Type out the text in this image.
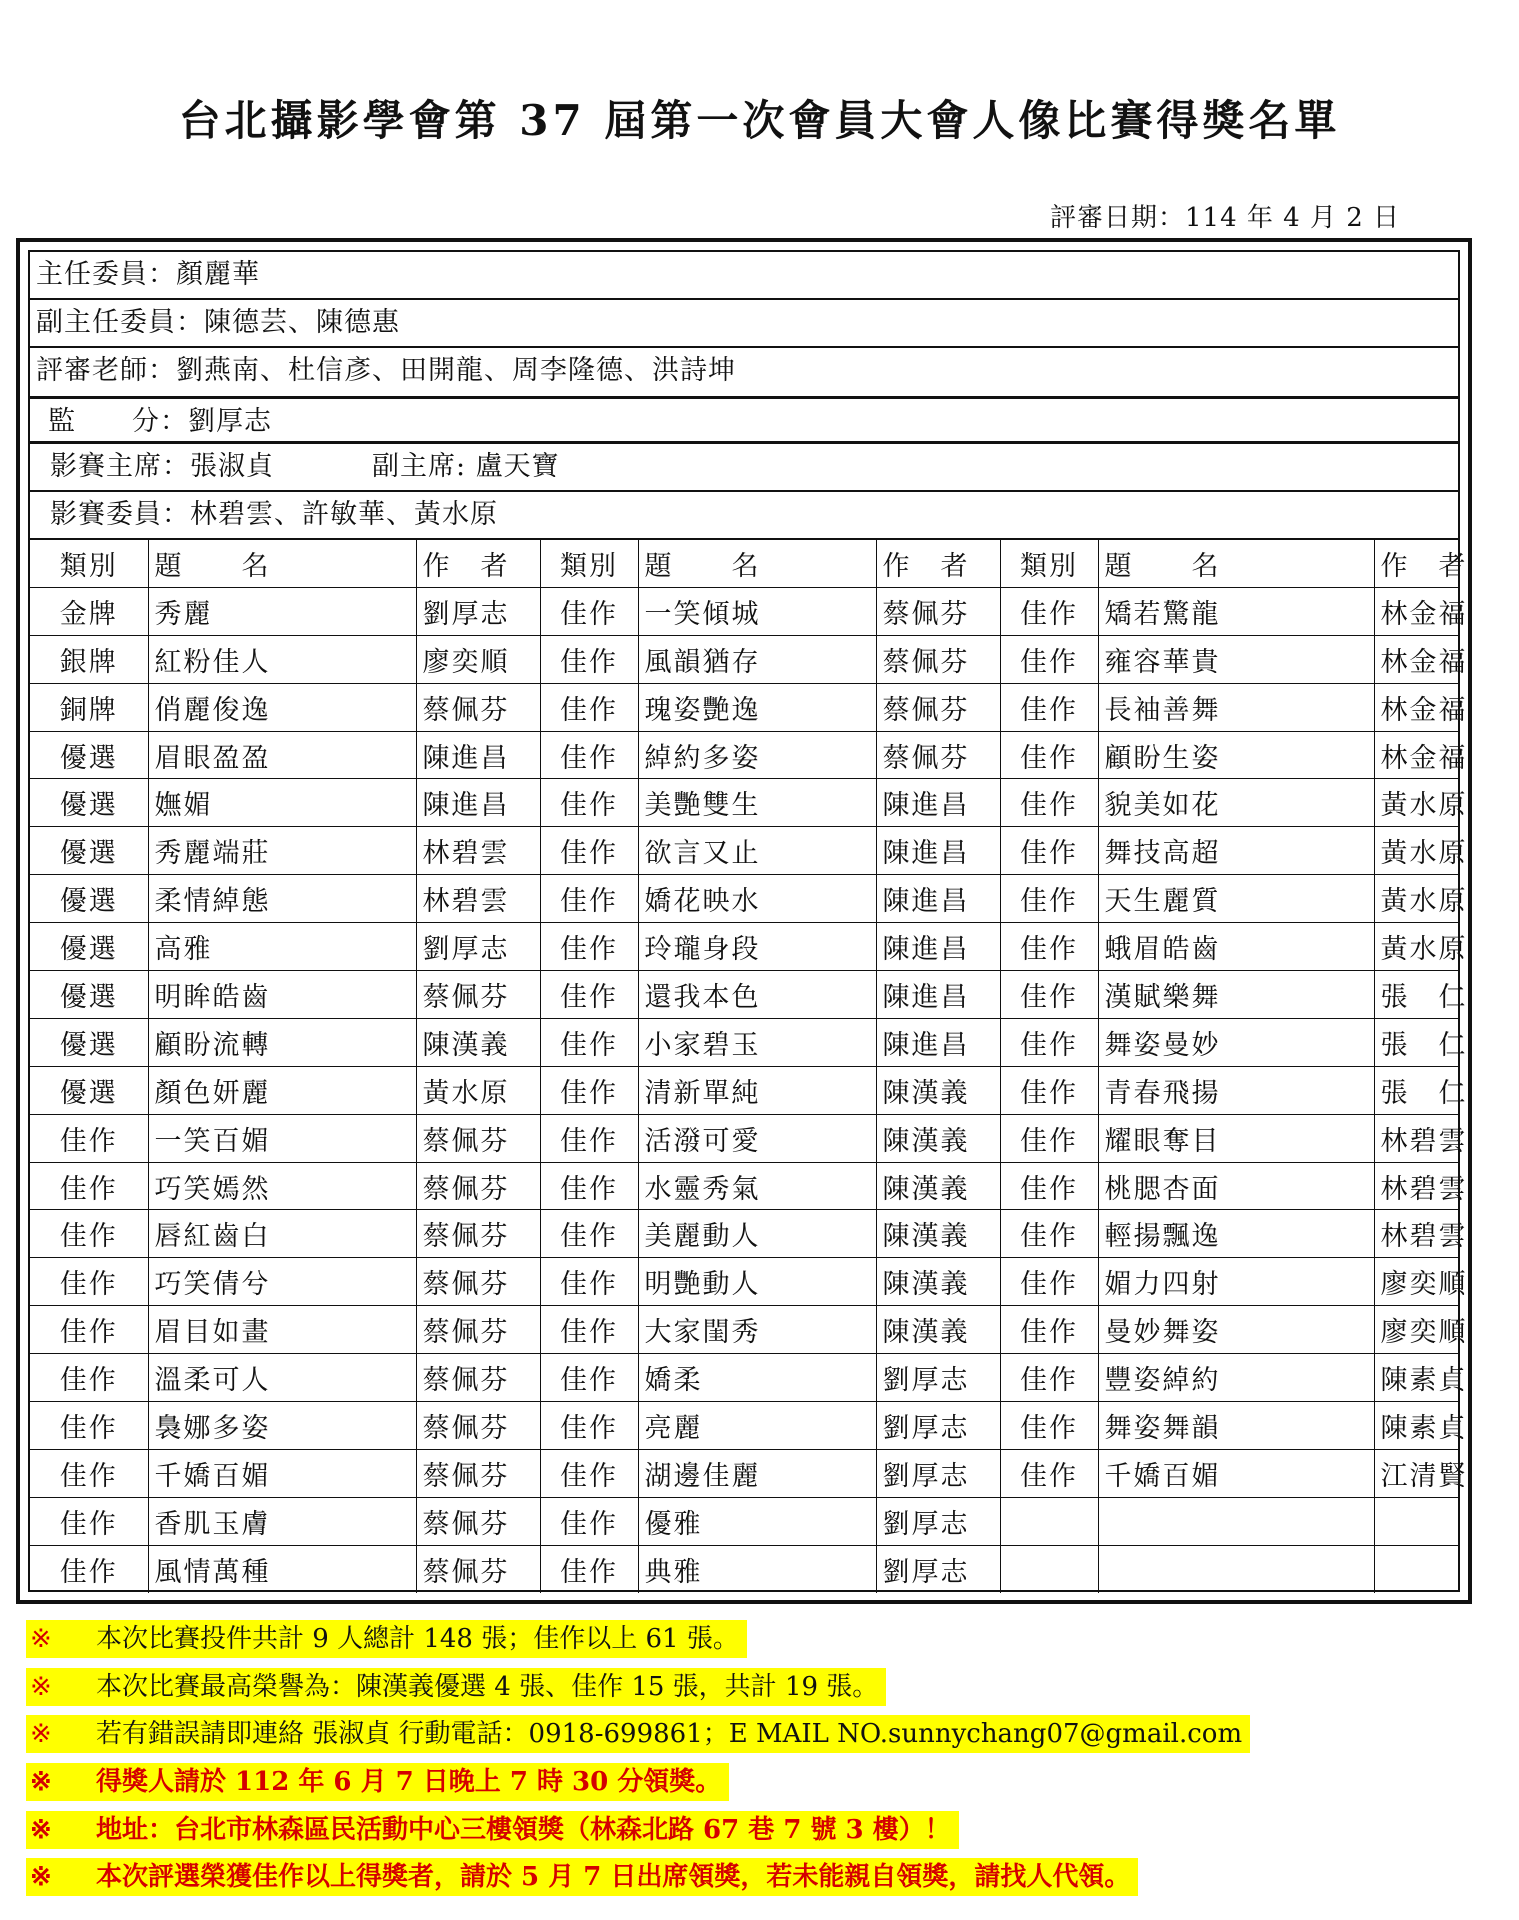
台北攝影學會第 37 屆第一次會員大會人像比賽得獎名單
評審日期：114 年 4 月 2 日
主任委員：顏麗華
副主任委員：陳德芸、陳德惠
評審老師：劉燕南、杜信彥、田開龍、周李隆德、洪詩坤
監　　分：劉厚志
影賽主席：張淑貞	副主席: 盧天寶
影賽委員：林碧雲、許敏華、黃水原
類別	題　　名	作　者	類別	題　　名	作　者	類別	題　　名	作　者
金牌	秀麗	劉厚志	佳作	一笑傾城	蔡佩芬	佳作	矯若驚龍	林金福
銀牌	紅粉佳人	廖奕順	佳作	風韻猶存	蔡佩芬	佳作	雍容華貴	林金福
銅牌	俏麗俊逸	蔡佩芬	佳作	瑰姿艷逸	蔡佩芬	佳作	長袖善舞	林金福
優選	眉眼盈盈	陳進昌	佳作	綽約多姿	蔡佩芬	佳作	顧盼生姿	林金福
優選	嫵媚	陳進昌	佳作	美艷雙生	陳進昌	佳作	貌美如花	黃水原
優選	秀麗端莊	林碧雲	佳作	欲言又止	陳進昌	佳作	舞技高超	黃水原
優選	柔情綽態	林碧雲	佳作	嬌花映水	陳進昌	佳作	天生麗質	黃水原
優選	高雅	劉厚志	佳作	玲瓏身段	陳進昌	佳作	蛾眉皓齒	黃水原
優選	明眸皓齒	蔡佩芬	佳作	還我本色	陳進昌	佳作	漢賦樂舞	張　仁
優選	顧盼流轉	陳漢義	佳作	小家碧玉	陳進昌	佳作	舞姿曼妙	張　仁
優選	顏色妍麗	黃水原	佳作	清新單純	陳漢義	佳作	青春飛揚	張　仁
佳作	一笑百媚	蔡佩芬	佳作	活潑可愛	陳漢義	佳作	耀眼奪目	林碧雲
佳作	巧笑嫣然	蔡佩芬	佳作	水靈秀氣	陳漢義	佳作	桃腮杏面	林碧雲
佳作	唇紅齒白	蔡佩芬	佳作	美麗動人	陳漢義	佳作	輕揚飄逸	林碧雲
佳作	巧笑倩兮	蔡佩芬	佳作	明艷動人	陳漢義	佳作	媚力四射	廖奕順
佳作	眉目如畫	蔡佩芬	佳作	大家閨秀	陳漢義	佳作	曼妙舞姿	廖奕順
佳作	溫柔可人	蔡佩芬	佳作	嬌柔	劉厚志	佳作	豐姿綽約	陳素貞
佳作	裊娜多姿	蔡佩芬	佳作	亮麗	劉厚志	佳作	舞姿舞韻	陳素貞
佳作	千嬌百媚	蔡佩芬	佳作	湖邊佳麗	劉厚志	佳作	千嬌百媚	江清賢
佳作	香肌玉膚	蔡佩芬	佳作	優雅	劉厚志			
佳作	風情萬種	蔡佩芬	佳作	典雅	劉厚志			
※ 本次比賽投件共計 9 人總計 148 張；佳作以上 61 張。
※ 本次比賽最高榮譽為：陳漢義優選 4 張、佳作 15 張，共計 19 張。
※ 若有錯誤請即連絡 張淑貞 行動電話：0918-699861；E MAIL NO.sunnychang07@gmail.com
※ 得獎人請於 112 年 6 月 7 日晚上 7 時 30 分領獎。
※ 地址：台北市林森區民活動中心三樓領獎（林森北路 67 巷 7 號 3 樓）！
※ 本次評選榮獲佳作以上得獎者，請於 5 月 7 日出席領獎，若未能親自領獎，請找人代領。
